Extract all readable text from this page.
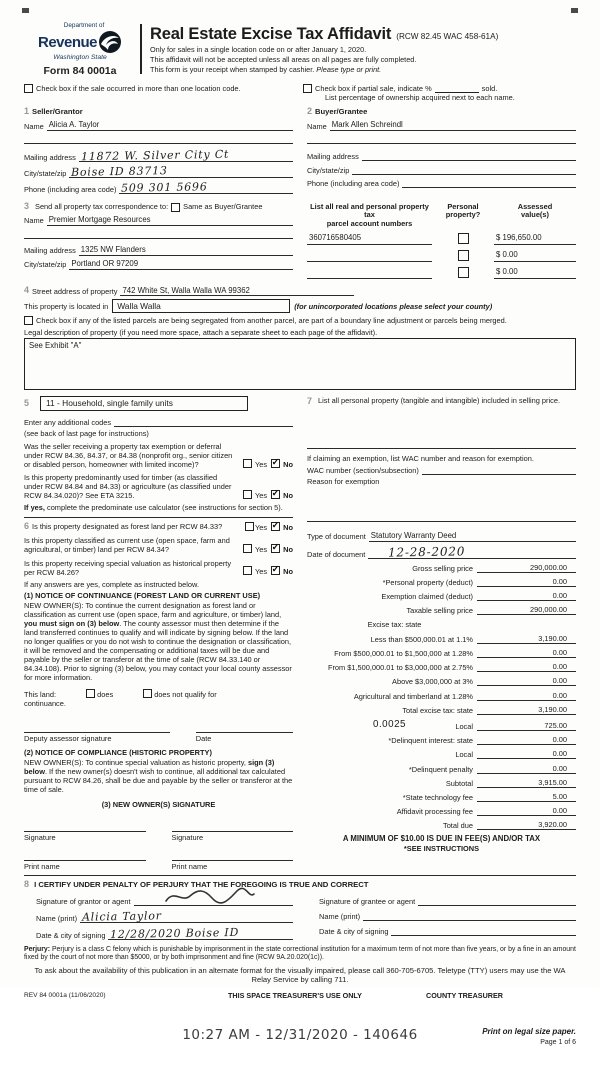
Department of
Revenue
Washington State
Form 84 0001a
Real Estate Excise Tax Affidavit (RCW 82.45 WAC 458-61A)
Only for sales in a single location code on or after January 1, 2020.
This affidavit will not be accepted unless all areas on all pages are fully completed.
This form is your receipt when stamped by cashier. Please type or print.
Check box if the sale occurred in more than one location code.	Check box if partial sale, indicate %	sold.
List percentage of ownership acquired next to each name.
1 Seller/Grantor
Name Alicia A. Taylor
Mailing address 11872 W. Silver City Ct
City/state/zip Boise ID 83713
Phone (including area code) 509 301 5696
2 Buyer/Grantee
Name Mark Allen Schreindl
Mailing address
City/state/zip
Phone (including area code)
3 Send all property tax correspondence to: Same as Buyer/Grantee
Name Premier Mortgage Resources
Mailing address 1325 NW Flanders
City/state/zip Portland OR 97209
List all real and personal property tax
parcel account numbers
Personal
property?
Assessed
value(s)
360716580405	$ 196,650.00
$ 0.00
$ 0.00
4 Street address of property 742 White St, Walla Walla WA 99362
This property is located in	Walla Walla	(for unincorporated locations please select your county)
Check box if any of the listed parcels are being segregated from another parcel, are part of a boundary line adjustment or parcels being merged.
Legal description of property (if you need more space, attach a separate sheet to each page of the affidavit).
See Exhibit "A"
5	11 - Household, single family units
Enter any additional codes
(see back of last page for instructions)
Was the seller receiving a property tax exemption or deferral under RCW 84.36, 84.37, or 84.38 (nonprofit org., senior citizen or disabled person, homeowner with limited income)?	Yes ✓ No
Is this property predominantly used for timber (as classified under RCW 84.84 and 84.33) or agriculture (as classified under RCW 84.34.020)? See ETA 3215.	Yes ✓ No
If yes, complete the predominate use calculator (see instructions for section 5).
6 Is this property designated as forest land per RCW 84.33?	Yes ✓ No
Is this property classified as current use (open space, farm and agricultural, or timber) land per RCW 84.34?	Yes ✓ No
Is this property receiving special valuation as historical property per RCW 84.26?	Yes ✓ No
If any answers are yes, complete as instructed below.
(1) NOTICE OF CONTINUANCE (FOREST LAND OR CURRENT USE)
NEW OWNER(S): To continue the current designation as forest land or classification as current use (open space, farm and agriculture, or timber) land, you must sign on (3) below. The county assessor must then determine if the land transferred continues to qualify and will indicate by signing below. If the land no longer qualifies or you do not wish to continue the designation or classification, it will be removed and the compensating or additional taxes will be due and payable by the seller or transferor at the time of sale (RCW 84.33.140 or 84.34.108). Prior to signing (3) below, you may contact your local county assessor for more information.
This land:	does	does not qualify for
continuance.
Deputy assessor signature	Date
(2) NOTICE OF COMPLIANCE (HISTORIC PROPERTY)
NEW OWNER(S): To continue special valuation as historic property, sign (3) below. If the new owner(s) doesn't wish to continue, all additional tax calculated pursuant to RCW 84.26, shall be due and payable by the seller or transferor at the time of sale.
(3) NEW OWNER(S) SIGNATURE
Signature	Signature
Print name	Print name
7 List all personal property (tangible and intangible) included in selling price.
If claiming an exemption, list WAC number and reason for exemption.
WAC number (section/subsection)
Reason for exemption
Type of document Statutory Warranty Deed
Date of document	12-28-2020
Gross selling price	290,000.00
*Personal property (deduct)	0.00
Exemption claimed (deduct)	0.00
Taxable selling price	290,000.00
Excise tax: state
Less than $500,000.01 at 1.1%	3,190.00
From $500,000.01 to $1,500,000 at 1.28%	0.00
From $1,500,000.01 to $3,000,000 at 2.75%	0.00
Above $3,000,000 at 3%	0.00
Agricultural and timberland at 1.28%	0.00
Total excise tax: state	3,190.00
0.0025	Local	725.00
*Delinquent interest: state	0.00
Local	0.00
*Delinquent penalty	0.00
Subtotal	3,915.00
*State technology fee	5.00
Affidavit processing fee	0.00
Total due	3,920.00
A MINIMUM OF $10.00 IS DUE IN FEE(S) AND/OR TAX
*SEE INSTRUCTIONS
8 I CERTIFY UNDER PENALTY OF PERJURY THAT THE FOREGOING IS TRUE AND CORRECT
Signature of grantor or agent
Name (print) Alicia Taylor
Date & city of signing 12/28/2020 Boise ID
Signature of grantee or agent
Name (print)
Date & city of signing
Perjury: Perjury is a class C felony which is punishable by imprisonment in the state correctional institution for a maximum term of not more than five years, or by a fine in an amount fixed by the court of not more than $5000, or by both imprisonment and fine (RCW 9A.20.020(1c)).
To ask about the availability of this publication in an alternate format for the visually impaired, please call 360-705-6705. Teletype (TTY) users may use the WA Relay Service by calling 711.
REV 84 0001a (11/06/2020)	THIS SPACE TREASURER'S USE ONLY	COUNTY TREASURER
10:27 AM - 12/31/2020 - 140646	Print on legal size paper.
Page 1 of 6
